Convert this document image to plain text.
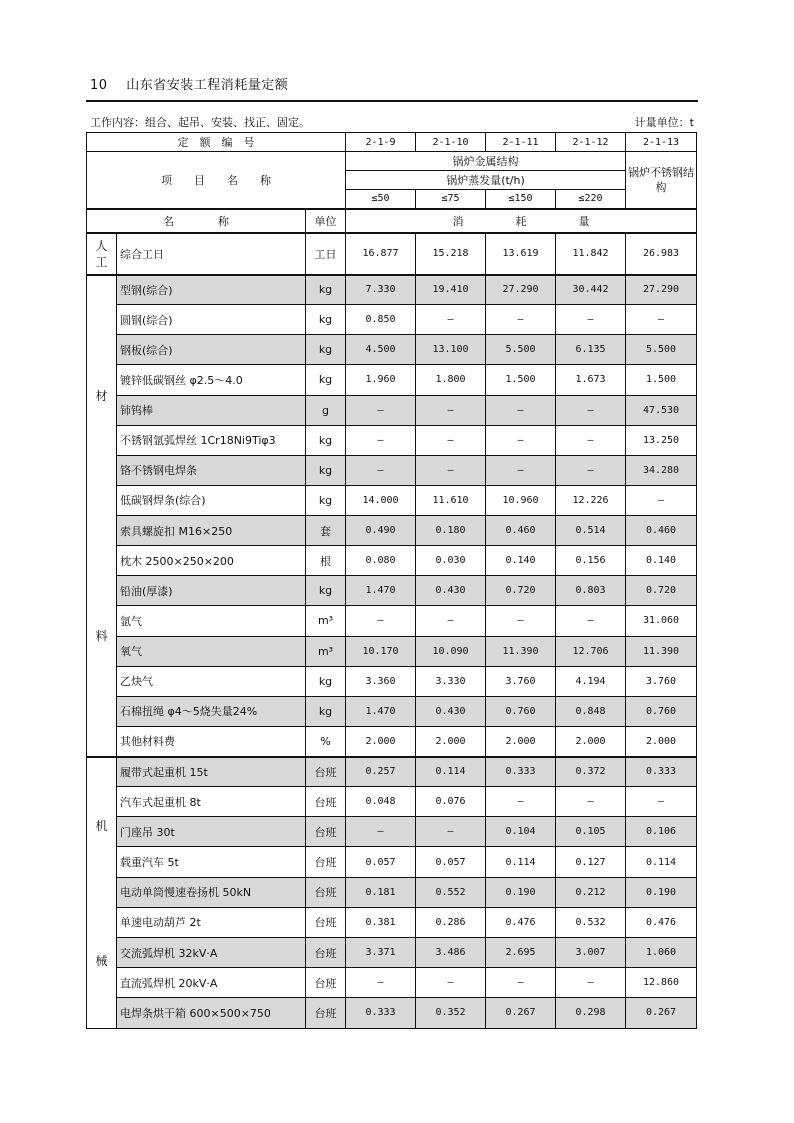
10 山东省安装工程消耗量定额
工作内容：组合、起吊、安装、找正、固定。	计量单位：t
定　额　编　号			2-1-9	2-1-10	2-1-11	2-1-12	2-1-13
项　　目　　名　　称			锅炉金属结构				锅炉不锈钢结构
			锅炉蒸发量(t/h)				
			≤50	≤75	≤150	≤220	
名　　　　称		单位	消 耗 量				

人工	综合工日	工日	16.877	15.218	13.619	11.842	26.983

材
料	型钢(综合)	kg	7.330	19.410	27.290	30.442	27.290
	圆钢(综合)	kg	0.850	—	—	—	—
	钢板(综合)	kg	4.500	13.100	5.500	6.135	5.500
	镀锌低碳钢丝 φ2.5～4.0	kg	1.960	1.800	1.500	1.673	1.500
	铈钨棒	g	—	—	—	—	47.530
	不锈钢氩弧焊丝 1Cr18Ni9Tiφ3	kg	—	—	—	—	13.250
	铬不锈钢电焊条	kg	—	—	—	—	34.280
	低碳钢焊条(综合)	kg	14.000	11.610	10.960	12.226	—
	索具螺旋扣 M16×250	套	0.490	0.180	0.460	0.514	0.460
	枕木 2500×250×200	根	0.080	0.030	0.140	0.156	0.140
	铅油(厚漆)	kg	1.470	0.430	0.720	0.803	0.720
	氩气	m³	—	—	—	—	31.060
	氧气	m³	10.170	10.090	11.390	12.706	11.390
	乙炔气	kg	3.360	3.330	3.760	4.194	3.760
	石棉扭绳 φ4～5烧失量24%	kg	1.470	0.430	0.760	0.848	0.760
	其他材料费	%	2.000	2.000	2.000	2.000	2.000

机
械	履带式起重机 15t	台班	0.257	0.114	0.333	0.372	0.333
	汽车式起重机 8t	台班	0.048	0.076	—	—	—
	门座吊 30t	台班	—	—	0.104	0.105	0.106
	载重汽车 5t	台班	0.057	0.057	0.114	0.127	0.114
	电动单筒慢速卷扬机 50kN	台班	0.181	0.552	0.190	0.212	0.190
	单速电动葫芦 2t	台班	0.381	0.286	0.476	0.532	0.476
	交流弧焊机 32kV·A	台班	3.371	3.486	2.695	3.007	1.060
	直流弧焊机 20kV·A	台班	—	—	—	—	12.860
	电焊条烘干箱 600×500×750	台班	0.333	0.352	0.267	0.298	0.267
